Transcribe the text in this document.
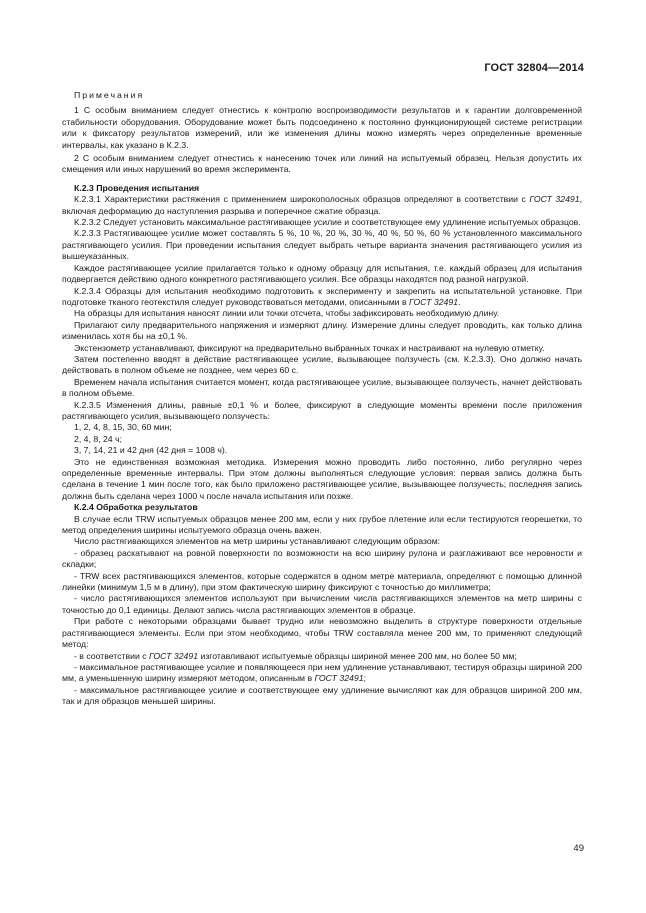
ГОСТ 32804—2014

Примечания

1 С особым вниманием следует отнестись к контролю воспроизводимости результатов и к гарантии долговременной стабильности оборудования. Оборудование может быть подсоединено к постоянно функционирующей системе регистрации или к фиксатору результатов измерений, или же изменения длины можно измерять через определенные временные интервалы, как указано в К.2.3.

2 С особым вниманием следует отнестись к нанесению точек или линий на испытуемый образец. Нельзя допустить их смещения или иных нарушений во время эксперимента.

К.2.3 Проведения испытания

К.2.3.1 Характеристики растяжения с применением широкополосных образцов определяют в соответствии с ГОСТ 32491, включая деформацию до наступления разрыва и поперечное сжатие образца.

К.2.3.2 Следует установить максимальное растягивающее усилие и соответствующее ему удлинение испытуемых образцов.

К.2.3.3 Растягивающее усилие может составлять 5 %, 10 %, 20 %, 30 %, 40 %, 50 %, 60 % установленного максимального растягивающего усилия. При проведении испытания следует выбрать четыре варианта значения растягивающего усилия из вышеуказанных.

Каждое растягивающее усилие прилагается только к одному образцу для испытания, т.е. каждый образец для испытания подвергается действию одного конкретного растягивающего усилия. Все образцы находятся под разной нагрузкой.

К.2.3.4 Образцы для испытания необходимо подготовить к эксперименту и закрепить на испытательной установке. При подготовке тканого геотекстиля следует руководствоваться методами, описанными в ГОСТ 32491.

На образцы для испытания наносят линии или точки отсчета, чтобы зафиксировать необходимую длину.

Прилагают силу предварительного напряжения и измеряют длину. Измерение длины следует проводить, как только длина изменилась хотя бы на ±0,1 %.

Экстензометр устанавливают, фиксируют на предварительно выбранных точках и настраивают на нулевую отметку.

Затем постепенно вводят в действие растягивающее усилие, вызывающее ползучесть (см. К.2.3.3). Оно должно начать действовать в полном объеме не позднее, чем через 60 с.

Временем начала испытания считается момент, когда растягивающее усилие, вызывающее ползучесть, начнет действовать в полном объеме.

К.2.3.5 Изменения длины, равные ±0,1 % и более, фиксируют в следующие моменты времени после приложения растягивающего усилия, вызывающего ползучесть:

1, 2, 4, 8, 15, 30, 60 мин;

2, 4, 8, 24 ч;

3, 7, 14, 21 и 42 дня (42 дня = 1008 ч).

Это не единственная возможная методика. Измерения можно проводить либо постоянно, либо регулярно через определенные временные интервалы. При этом должны выполняться следующие условия: первая запись должна быть сделана в течение 1 мин после того, как было приложено растягивающее усилие, вызывающее ползучесть; последняя запись должна быть сделана через 1000 ч после начала испытания или позже.

К.2.4 Обработка результатов

В случае если TRW испытуемых образцов менее 200 мм, если у них грубое плетение или если тестируются георешетки, то метод определения ширины испытуемого образца очень важен.

Число растягивающихся элементов на метр ширины устанавливают следующим образом:

- образец раскатывают на ровной поверхности по возможности на всю ширину рулона и разглаживают все неровности и складки;

- TRW всех растягивающихся элементов, которые содержатся в одном метре материала, определяют с помощью длинной линейки (минимум 1,5 м в длину), при этом фактическую ширину фиксируют с точностью до миллиметра;

- число растягивающихся элементов используют при вычислении числа растягивающихся элементов на метр ширины с точностью до 0,1 единицы. Делают запись числа растягивающих элементов в образце.

При работе с некоторыми образцами бывает трудно или невозможно выделить в структуре поверхности отдельные растягивающиеся элементы. Если при этом необходимо, чтобы TRW составляла менее 200 мм, то применяют следующий метод:

- в соответствии с ГОСТ 32491 изготавливают испытуемые образцы шириной менее 200 мм, но более 50 мм;

- максимальное растягивающее усилие и появляющееся при нем удлинение устанавливают, тестируя образцы шириной 200 мм, а уменьшенную ширину измеряют методом, описанным в ГОСТ 32491;

- максимальное растягивающее усилие и соответствующее ему удлинение вычисляют как для образцов шириной 200 мм, так и для образцов меньшей ширины.

49
